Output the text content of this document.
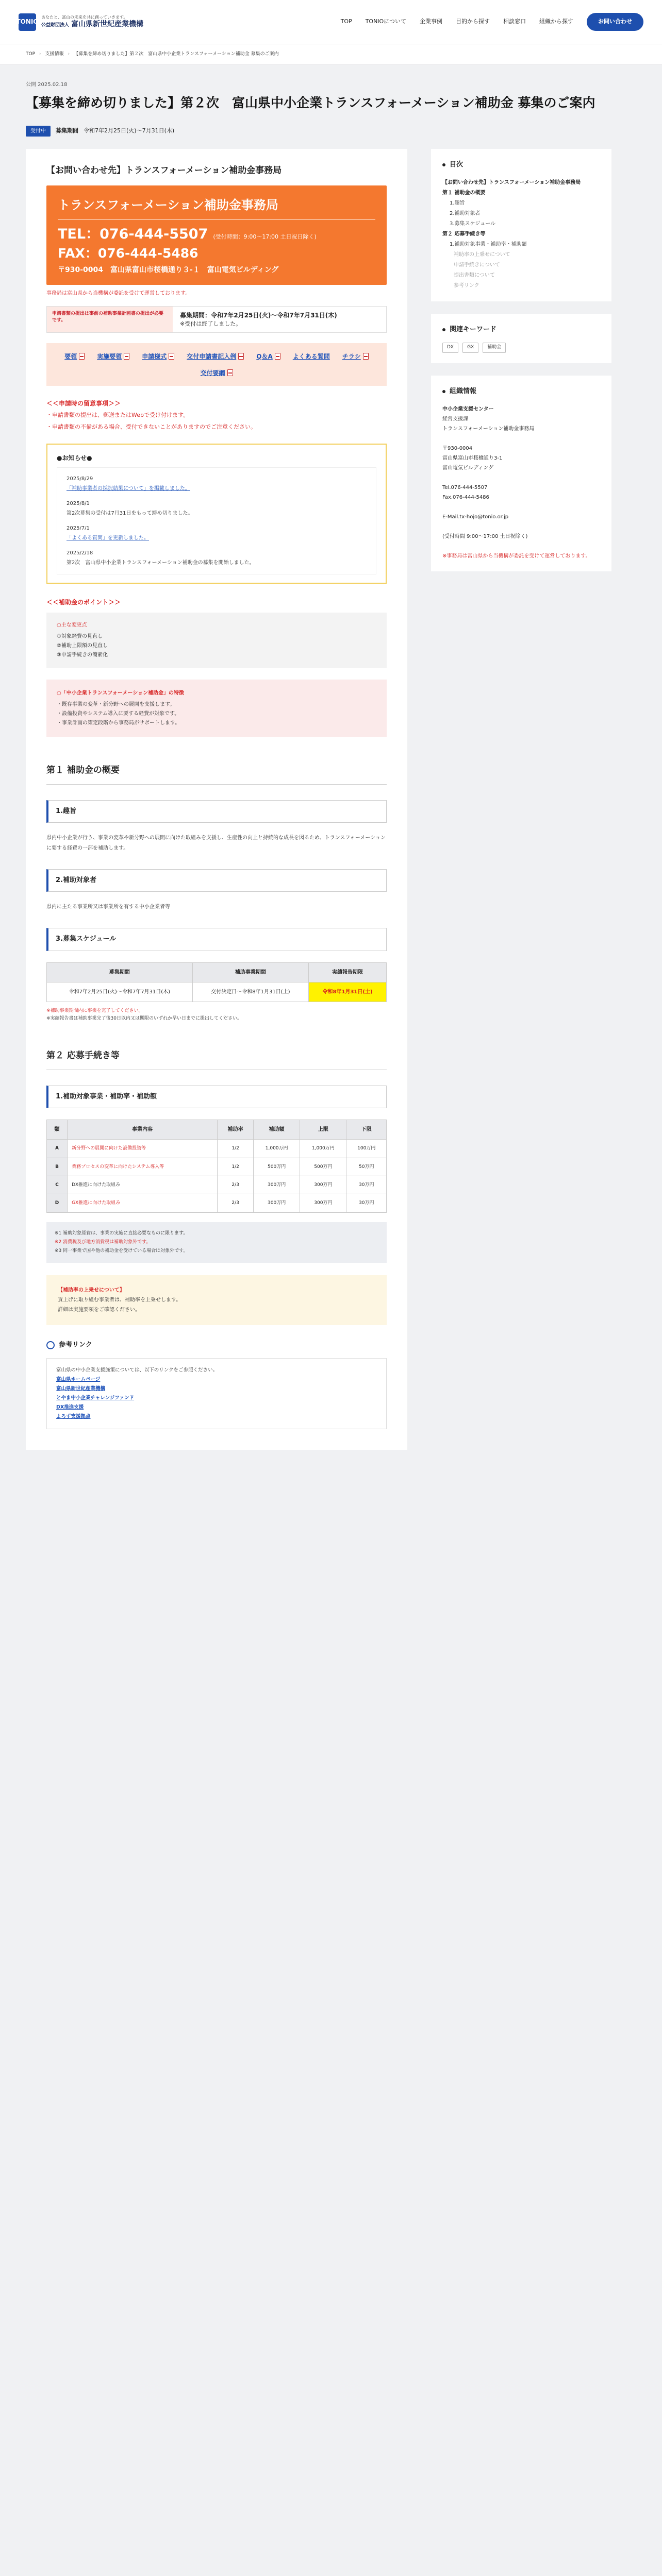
TONIO
あなたと、富山の未来を共に創っていきます。
公益財団法人 富山県新世紀産業機構	TOP TONIOについて 企業事例 目的から探す 相談窓口 組織から探す	お問い合わせ
TOP › 支援情報 › 【募集を締め切りました】第２次　富山県中小企業トランスフォーメーション補助金 募集のご案内
公開 2025.02.18
【募集を締め切りました】第２次　富山県中小企業トランスフォーメーション補助金 募集のご案内
受付中	募集期間 令和7年2月25日(火)～7月31日(木)
【お問い合わせ先】トランスフォーメーション補助金事務局
トランスフォーメーション補助金事務局
TEL：076-444-5507 (受付時間：9:00～17:00 土日祝日除く)
FAX：076-444-5486
〒930-0004　富山県富山市桜橋通り３-１　富山電気ビルディング

事務局は富山県から当機構が委託を受けて運営しております。

申請書類の提出は事前の補助事業計画書の提出が必要です。
募集期間：令和7年2月25日(火)～令和7年7月31日(木)
※受付は終了しました。
要領	実施要領	申請様式	交付申請書記入例	Q＆A	よくある質問 チラシ
交付要綱
＜＜申請時の留意事項＞＞
・申請書類の提出は、郵送またはWebで受け付けます。
・申請書類の不備がある場合、受付できないことがありますのでご注意ください。
●お知らせ●
2025/8/29
「補助事業者の採択結果について」を掲載しました。
2025/8/1
第2次募集の受付は7月31日をもって締め切りました。
2025/7/1
「よくある質問」を更新しました。
2025/2/18
第2次　富山県中小企業トランスフォーメーション補助金の募集を開始しました。
＜＜補助金のポイント＞＞
○主な変更点
①対象経費の見直し
②補助上限額の見直し
③申請手続きの簡素化
○「中小企業トランスフォーメーション補助金」の特徴
・既存事業の変革・新分野への展開を支援します。
・設備投資やシステム導入に要する経費が対象です。
・事業計画の策定段階から事務局がサポートします。
第１ 補助金の概要
1.趣旨

県内中小企業が行う、事業の変革や新分野への展開に向けた取組みを支援し、生産性の向上と持続的な成長を図るため、トランスフォーメーションに要する経費の一部を補助します。

2.補助対象者

県内に主たる事業所又は事業所を有する中小企業者等

3.募集スケジュール
募集期間	補助事業期間	実績報告期限
令和7年2月25日(火)～令和7年7月31日(木)	交付決定日～令和8年1月31日(土)	令和8年1月31日(土)
※補助事業期間内に事業を完了してください。
※実績報告書は補助事業完了後30日以内又は期限のいずれか早い日までに提出してください。
第２ 応募手続き等
1.補助対象事業・補助率・補助額
類	事業内容	補助率	補助額	上限	下限
A	新分野への展開に向けた設備投資等	1/2	1,000万円	1,000万円	100万円
B	業務プロセスの変革に向けたシステム導入等	1/2	500万円	500万円	50万円
C	DX推進に向けた取組み	2/3	300万円	300万円	30万円
D	GX推進に向けた取組み	2/3	300万円	300万円	30万円
※1 補助対象経費は、事業の実施に直接必要なものに限ります。
※2 消費税及び地方消費税は補助対象外です。
※3 同一事業で国や他の補助金を受けている場合は対象外です。
【補助率の上乗せについて】
賃上げに取り組む事業者は、補助率を上乗せします。
詳細は実施要領をご確認ください。
参考リンク
富山県の中小企業支援施策については、以下のリンクをご参照ください。
富山県ホームページ
富山県新世紀産業機構
とやま中小企業チャレンジファンド
DX推進支援
よろず支援拠点
目次
【お問い合わせ先】トランスフォーメーション補助金事務局
第１ 補助金の概要
1.趣旨
2.補助対象者
3.募集スケジュール
第２ 応募手続き等
1.補助対象事業・補助率・補助額
補助率の上乗せについて
申請手続きについて
提出書類について
参考リンク
関連キーワード
DX	GX	補助金
組織情報
中小企業支援センター
経営支援課
トランスフォーメーション補助金事務局

〒930-0004
富山県富山市桜橋通り3-1
富山電気ビルディング

Tel.076-444-5507
Fax.076-444-5486

E-Mail.tx-hojo@tonio.or.jp

(受付時間 9:00〜17:00 土日祝除く)

※事務局は富山県から当機構が委託を受けて運営しております。
